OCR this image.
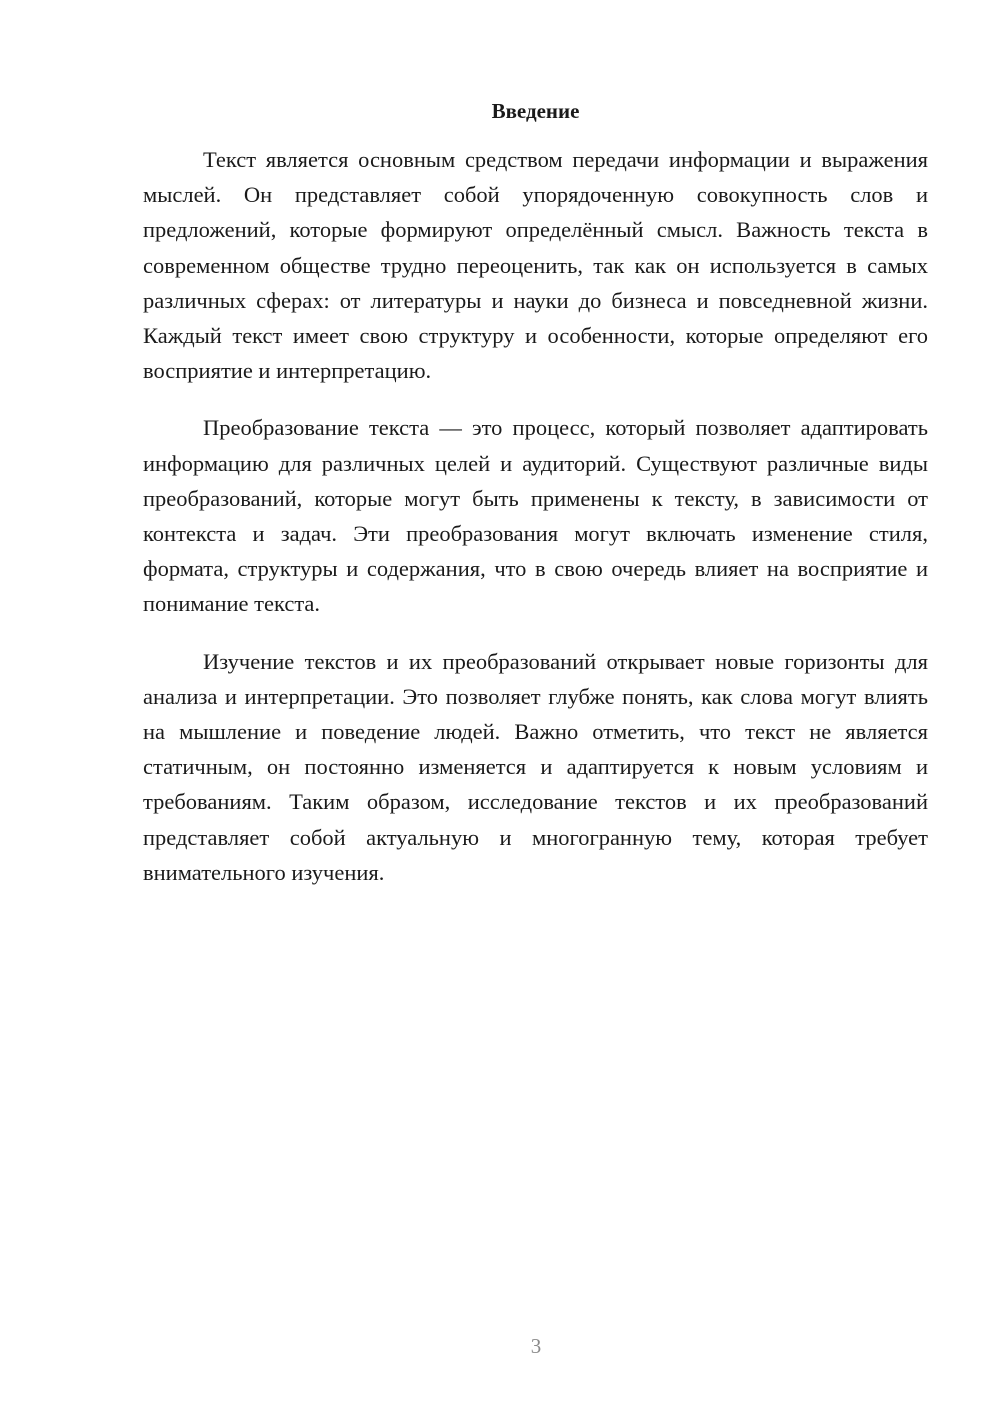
Введение

Текст является основным средством передачи информации и выражения мыслей. Он представляет собой упорядоченную совокупность слов и предложений, которые формируют определённый смысл. Важность текста в современном обществе трудно переоценить, так как он используется в самых различных сферах: от литературы и науки до бизнеса и повседневной жизни. Каждый текст имеет свою структуру и особенности, которые определяют его восприятие и интерпретацию.

Преобразование текста — это процесс, который позволяет адаптировать информацию для различных целей и аудиторий. Существуют различные виды преобразований, которые могут быть применены к тексту, в зависимости от контекста и задач. Эти преобразования могут включать изменение стиля, формата, структуры и содержания, что в свою очередь влияет на восприятие и понимание текста.

Изучение текстов и их преобразований открывает новые горизонты для анализа и интерпретации. Это позволяет глубже понять, как слова могут влиять на мышление и поведение людей. Важно отметить, что текст не является статичным, он постоянно изменяется и адаптируется к новым условиям и требованиям. Таким образом, исследование текстов и их преобразований представляет собой актуальную и многогранную тему, которая требует внимательного изучения.

3
